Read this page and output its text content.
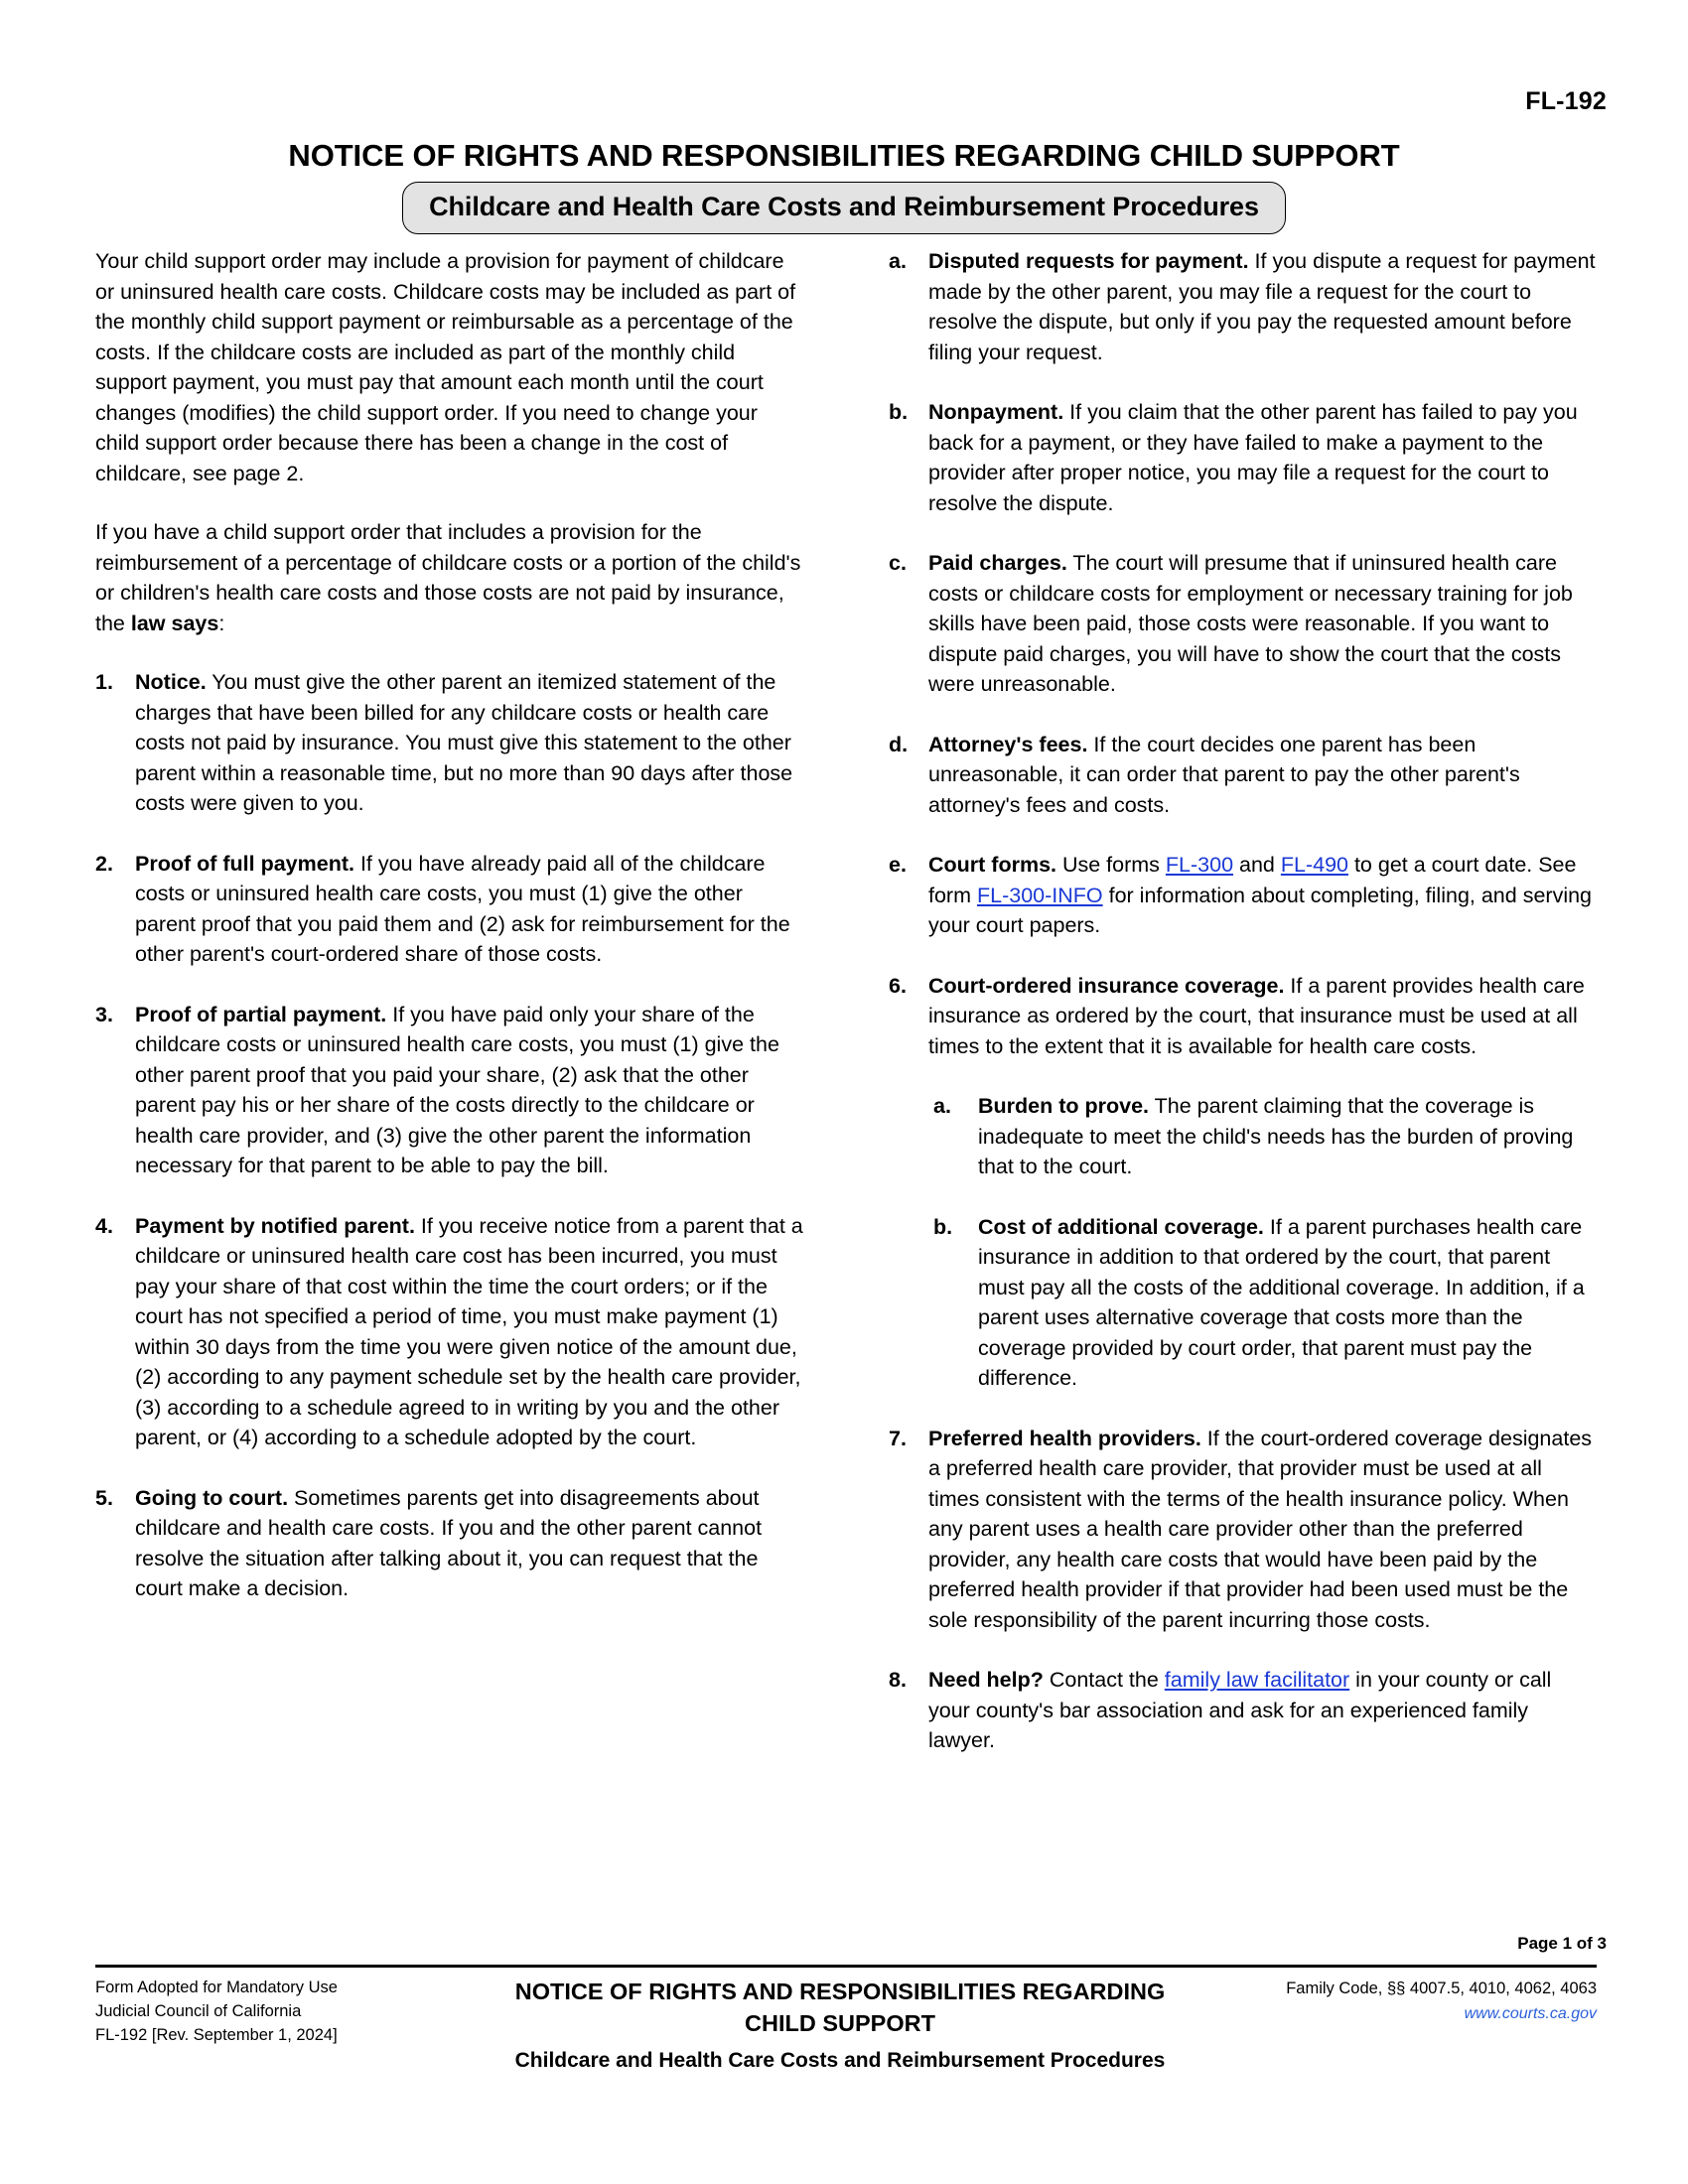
FL-192
NOTICE OF RIGHTS AND RESPONSIBILITIES REGARDING CHILD SUPPORT
Childcare and Health Care Costs and Reimbursement Procedures

Your child support order may include a provision for payment of childcare or uninsured health care costs. Childcare costs may be included as part of the monthly child support payment or reimbursable as a percentage of the costs. If the childcare costs are included as part of the monthly child support payment, you must pay that amount each month until the court changes (modifies) the child support order. If you need to change your child support order because there has been a change in the cost of childcare, see page 2.

If you have a child support order that includes a provision for the reimbursement of a percentage of childcare costs or a portion of the child's or children's health care costs and those costs are not paid by insurance, the law says:

1.	Notice. You must give the other parent an itemized statement of the charges that have been billed for any childcare costs or health care costs not paid by insurance. You must give this statement to the other parent within a reasonable time, but no more than 90 days after those costs were given to you.
2.	Proof of full payment. If you have already paid all of the childcare costs or uninsured health care costs, you must (1) give the other parent proof that you paid them and (2) ask for reimbursement for the other parent's court-ordered share of those costs.
3.	Proof of partial payment. If you have paid only your share of the childcare costs or uninsured health care costs, you must (1) give the other parent proof that you paid your share, (2) ask that the other parent pay his or her share of the costs directly to the childcare or health care provider, and (3) give the other parent the information necessary for that parent to be able to pay the bill.
4.	Payment by notified parent. If you receive notice from a parent that a childcare or uninsured health care cost has been incurred, you must pay your share of that cost within the time the court orders; or if the court has not specified a period of time, you must make payment (1) within 30 days from the time you were given notice of the amount due, (2) according to any payment schedule set by the health care provider, (3) according to a schedule agreed to in writing by you and the other parent, or (4) according to a schedule adopted by the court.
5.	Going to court. Sometimes parents get into disagreements about childcare and health care costs. If you and the other parent cannot resolve the situation after talking about it, you can request that the court make a decision.
a.	Disputed requests for payment. If you dispute a request for payment made by the other parent, you may file a request for the court to resolve the dispute, but only if you pay the requested amount before filing your request.
b. Nonpayment. If you claim that the other parent has failed to pay you back for a payment, or they have failed to make a payment to the provider after proper notice, you may file a request for the court to resolve the dispute.
c.	Paid charges. The court will presume that if uninsured health care costs or childcare costs for employment or necessary training for job skills have been paid, those costs were reasonable. If you want to dispute paid charges, you will have to show the court that the costs were unreasonable.
d. Attorney's fees. If the court decides one parent has been unreasonable, it can order that parent to pay the other parent's attorney's fees and costs.
e.	Court forms. Use forms FL-300 and FL-490 to get a court date. See form FL-300-INFO for information about completing, filing, and serving your court papers.
6.	Court-ordered insurance coverage. If a parent provides health care insurance as ordered by the court, that insurance must be used at all times to the extent that it is available for health care costs.
a.	Burden to prove. The parent claiming that the coverage is inadequate to meet the child's needs has the burden of proving that to the court.
b.	Cost of additional coverage. If a parent purchases health care insurance in addition to that ordered by the court, that parent must pay all the costs of the additional coverage. In addition, if a parent uses alternative coverage that costs more than the coverage provided by court order, that parent must pay the difference.
7.	Preferred health providers. If the court-ordered coverage designates a preferred health care provider, that provider must be used at all times consistent with the terms of the health insurance policy. When any parent uses a health care provider other than the preferred provider, any health care costs that would have been paid by the preferred health provider if that provider had been used must be the sole responsibility of the parent incurring those costs.
8.	Need help? Contact the family law facilitator in your county or call your county's bar association and ask for an experienced family lawyer.
Page 1 of 3
Form Adopted for Mandatory Use
Judicial Council of California
FL-192 [Rev. September 1, 2024]
NOTICE OF RIGHTS AND RESPONSIBILITIES REGARDING
CHILD SUPPORT
Childcare and Health Care Costs and Reimbursement Procedures
Family Code, §§ 4007.5, 4010, 4062, 4063
www.courts.ca.gov
